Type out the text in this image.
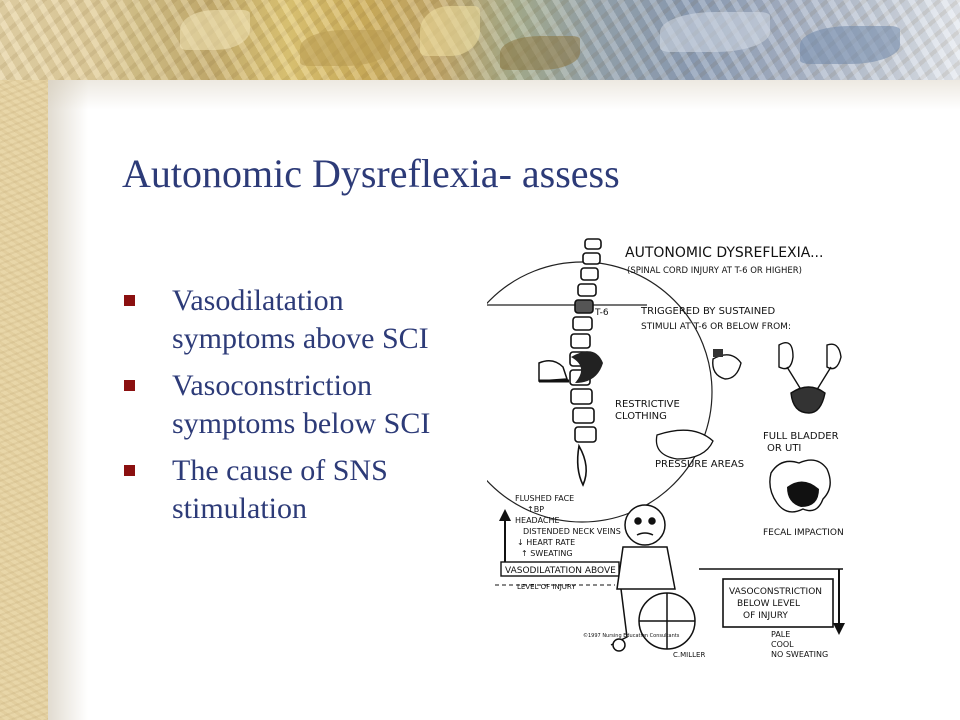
Autonomic Dysreflexia- assess
Vasodilatation
symptoms above SCI
Vasoconstriction
symptoms below SCI
The cause of SNS
stimulation
T-6
AUTONOMIC DYSREFLEXIA...
(SPINAL CORD INJURY AT T-6 OR HIGHER)
TRIGGERED BY SUSTAINED
STIMULI AT T-6 OR BELOW FROM:
RESTRICTIVE
CLOTHING
FULL BLADDER
OR UTI
PRESSURE AREAS
FECAL IMPACTION
FLUSHED FACE
↑BP
HEADACHE
DISTENDED NECK VEINS
↓ HEART RATE
↑ SWEATING
VASODILATATION ABOVE
LEVEL OF INJURY	VASOCONSTRICTION
BELOW LEVEL
OF INJURY
PALE
COOL
NO SWEATING
©1997 Nursing Education Consultants
C.MILLER
